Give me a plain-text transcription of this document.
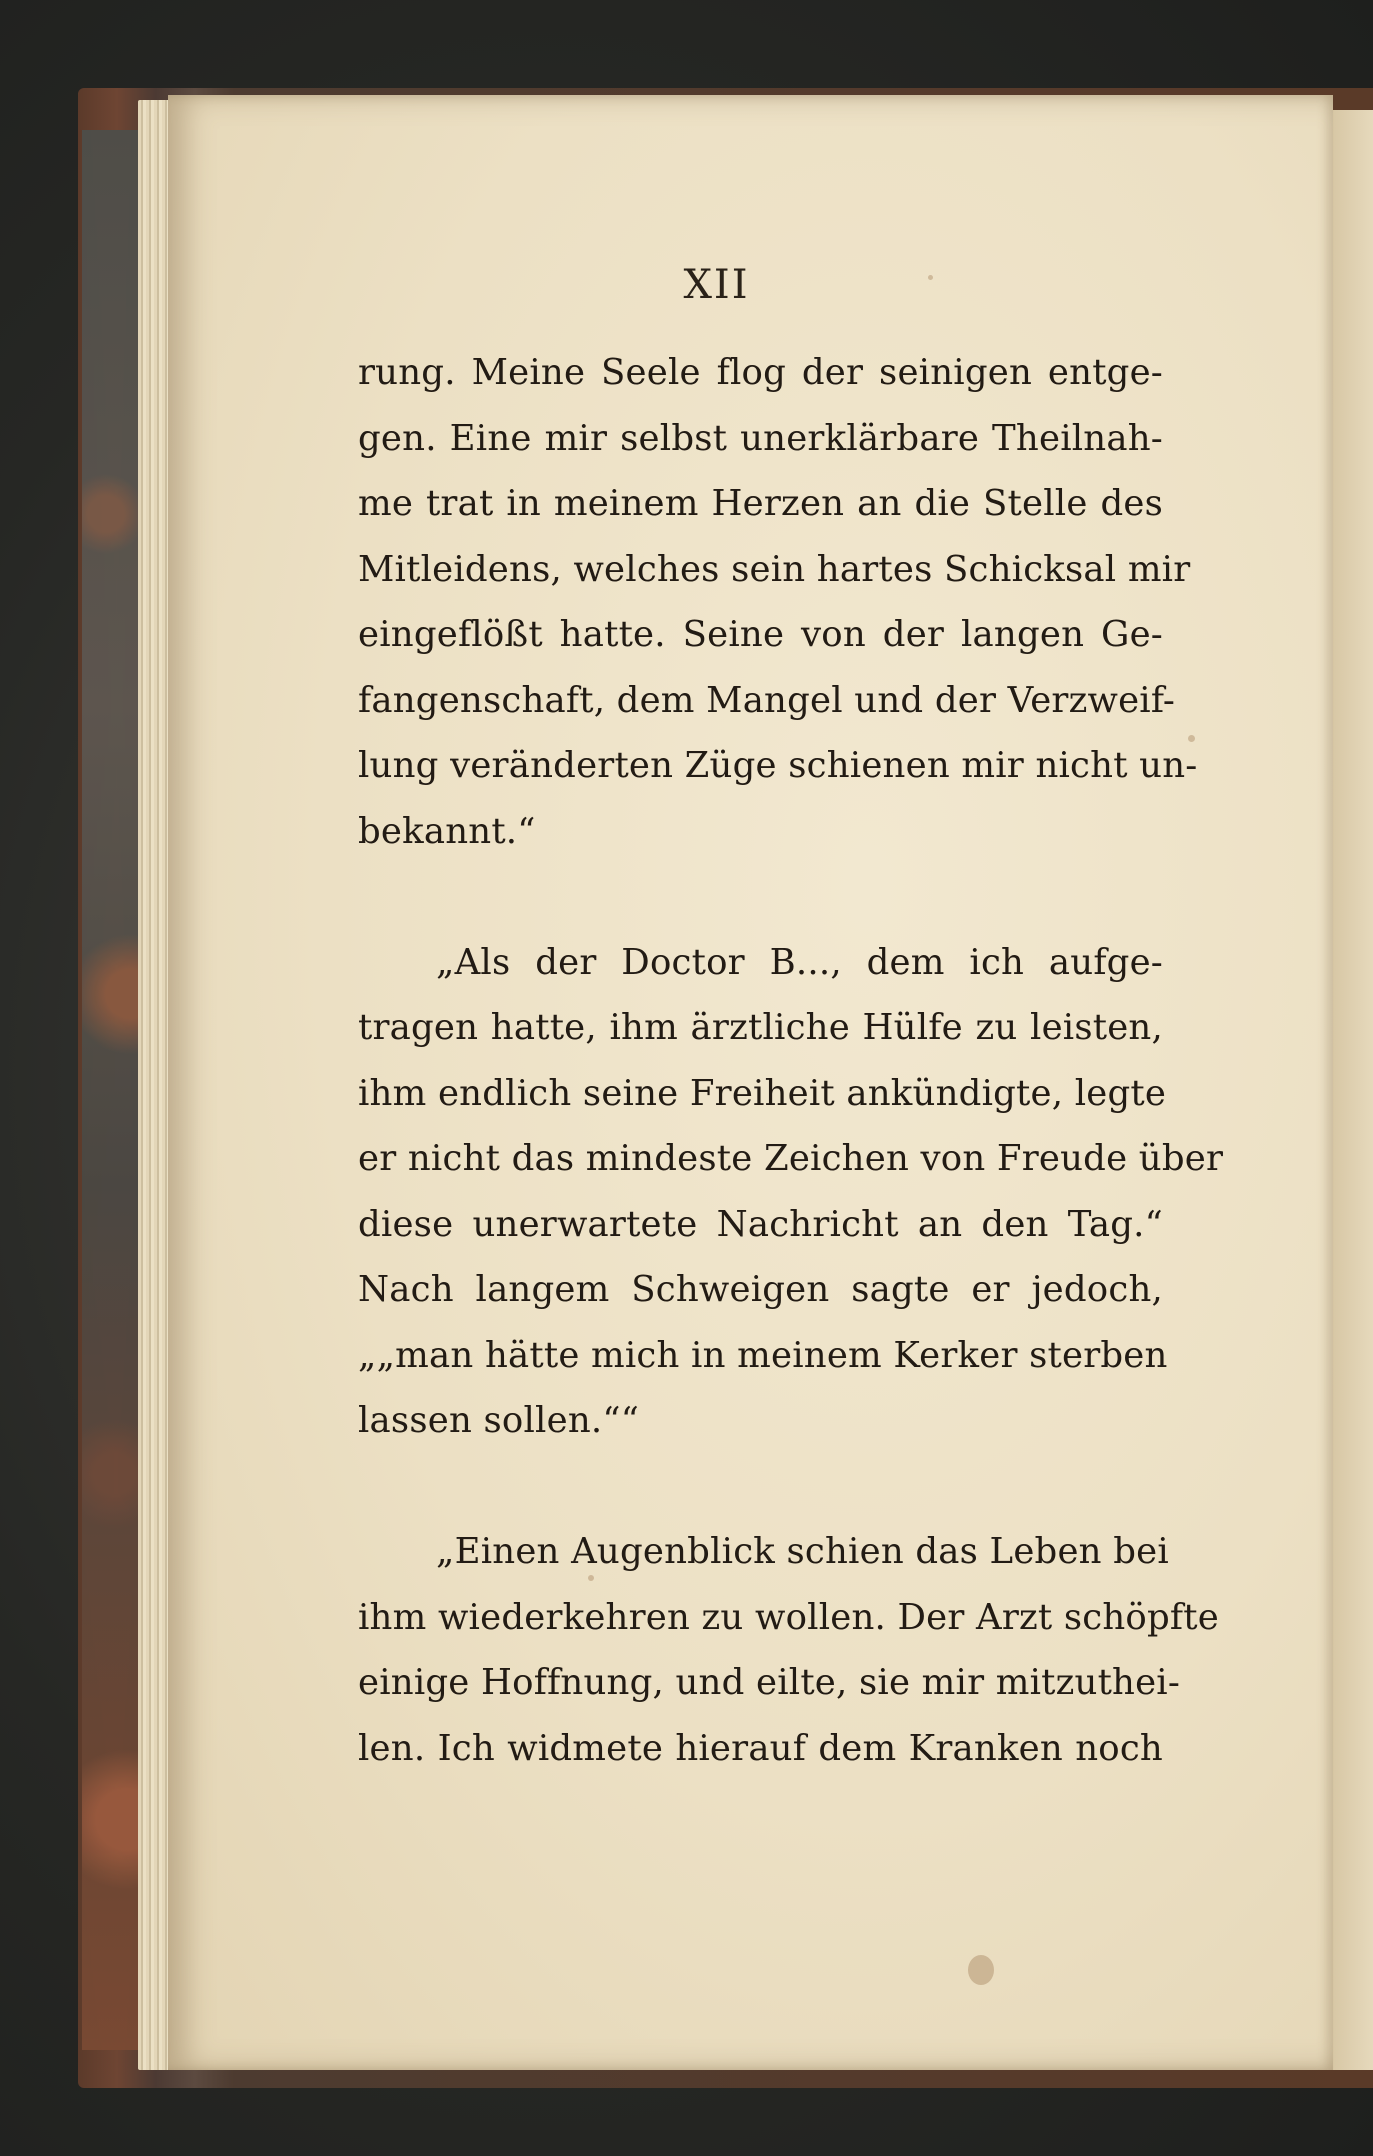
XII
rung. Meine Seele flog der seinigen entge-
gen. Eine mir selbst unerklärbare Theilnah-
me trat in meinem Herzen an die Stelle des
Mitleidens, welches sein hartes Schicksal mir
eingeflößt hatte. Seine von der langen Ge-
fangenschaft, dem Mangel und der Verzweif-
lung veränderten Züge schienen mir nicht un-
bekannt.“
„Als der Doctor B..., dem ich aufge-
tragen hatte, ihm ärztliche Hülfe zu leisten,
ihm endlich seine Freiheit ankündigte, legte
er nicht das mindeste Zeichen von Freude über
diese unerwartete Nachricht an den Tag.“
Nach langem Schweigen sagte er jedoch,
„„man hätte mich in meinem Kerker sterben
lassen sollen.““
„Einen Augenblick schien das Leben bei
ihm wiederkehren zu wollen. Der Arzt schöpfte
einige Hoffnung, und eilte, sie mir mitzuthei-
len. Ich widmete hierauf dem Kranken noch
